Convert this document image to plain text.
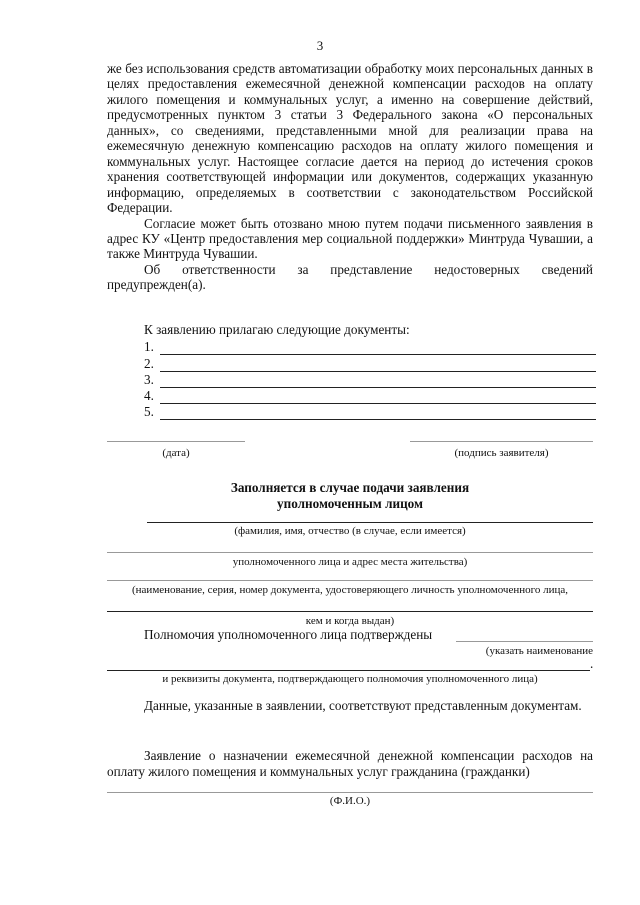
3

же без использования средств автоматизации обработку моих персональных данных в целях предоставления ежемесячной денежной компенсации расходов на оплату жилого помещения и коммунальных услуг, а именно на совершение действий, предусмотренных пунктом 3 статьи 3 Федерального закона «О персональных данных», со сведениями, представленными мной для реализации права на ежемесячную денежную компенсацию расходов на оплату жилого помещения и коммунальных услуг. Настоящее согласие дается на период до истечения сроков хранения соответствующей информации или документов, содержащих указанную информацию, определяемых в соответствии с законодательством Российской Федерации.

Согласие может быть отозвано мною путем подачи письменного заявления в адрес КУ «Центр предоставления мер социальной поддержки» Минтруда Чувашии, а также Минтруда Чувашии.

Об ответственности за представление недостоверных сведений предупрежден(а).

К заявлению прилагаю следующие документы:
1.
2.
3.
4.
5.
(дата)	(подпись заявителя)
Заполняется в случае подачи заявления
уполномоченным лицом
(фамилия, имя, отчество (в случае, если имеется)
уполномоченного лица и адрес места жительства)
(наименование, серия, номер документа, удостоверяющего личность уполномоченного лица,
кем и когда выдан)
Полномочия уполномоченного лица подтверждены
(указать наименование
.
и реквизиты документа, подтверждающего полномочия уполномоченного лица)
Данные, указанные в заявлении, соответствуют представленным документам.
Заявление о назначении ежемесячной денежной компенсации расходов на оплату жилого помещения и коммунальных услуг гражданина (гражданки)
(Ф.И.О.)
